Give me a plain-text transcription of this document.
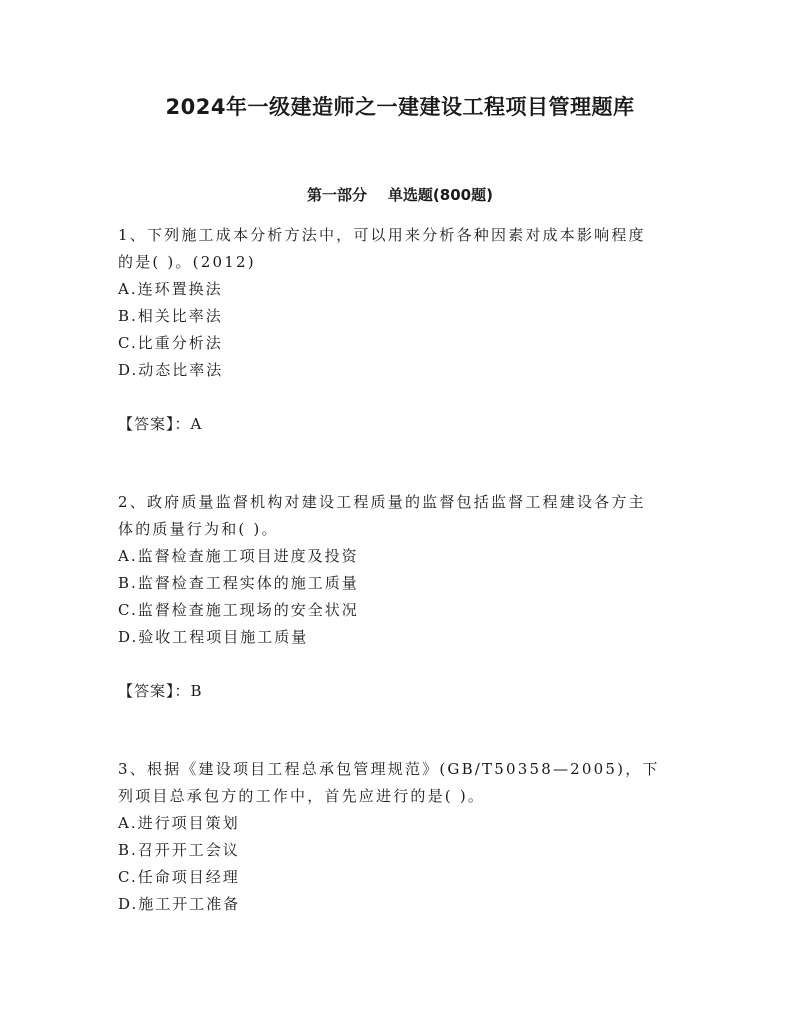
2024年一级建造师之一建建设工程项目管理题库
第一部分    单选题(800题)
1、下列施工成本分析方法中，可以用来分析各种因素对成本影响程度
的是( )。(2012)
A.连环置换法
B.相关比率法
C.比重分析法
D.动态比率法
【答案】：A
2、政府质量监督机构对建设工程质量的监督包括监督工程建设各方主
体的质量行为和( )。
A.监督检查施工项目进度及投资
B.监督检查工程实体的施工质量
C.监督检查施工现场的安全状况
D.验收工程项目施工质量
【答案】：B
3、根据《建设项目工程总承包管理规范》(GB/T50358—2005)，下
列项目总承包方的工作中，首先应进行的是( )。
A.进行项目策划
B.召开开工会议
C.任命项目经理
D.施工开工准备
